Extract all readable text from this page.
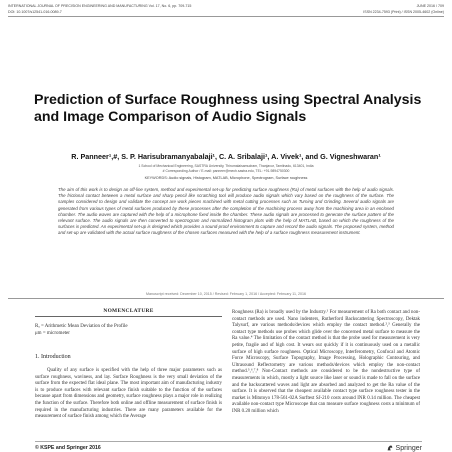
INTERNATIONAL JOURNAL OF PRECISION ENGINEERING AND MANUFACTURING Vol. 17, No. 6, pp. 709-715	JUNE 2016 / 709
DOI: 10.1007/s12541-016-0089-7	ISSN 2234-7593 (Print) / ISSN 2005-4602 (Online)
Prediction of Surface Roughness using Spectral Analysis and Image Comparison of Audio Signals
R. Panneer¹,#, S. P. Harisubramanyabalaji¹, C. A. Sribalaji¹, A. Vivek¹, and G. Vigneshwaran¹
1 School of Mechanical Engineering, SASTRA University, Thirumalaisamudram, Thanjavur, Tamilnadu, 613401, India
# Corresponding Author / E-mail: panneer@mech.sastra.edu, TEL: +91-9894750300
KEYWORDS: Audio signals, Histogram, MATLAB, Microphone, Spectrogram, Surface roughness

The aim of this work is to design an off-line system, method and experimental set-up for predicting surface roughness (Ra) of metal surfaces with the help of audio signals. The frictional contact between a metal surface and sharp pencil like scratching tool will produce audio signals which vary based on the roughness of the surface. The samples considered to design and validate the concept are work pieces machined with metal cutting processes such as Turning and Grinding. Several audio signals are generated from various types of metal surfaces produced by these processes after the completion of the machining process away from the machining area in an enclosed chamber. The audio waves are captured with the help of a microphone fixed inside the chamber. These audio signals are processed to generate the surface pattern of the relevant surface. The audio signals are then converted to spectrogram and normalized histogram plots with the help of MATLAB, based on which the roughness of the surfaces is predicted. An experimental set-up is designed which provides a sound-proof environment to capture and record the audio signals. The proposed system, method and set-up are validated with the actual surface roughness of the chosen surfaces measured with the help of a surface roughness measurement instrument.

Manuscript received: December 10, 2015 / Revised: February 1, 2016 / Accepted: February 11, 2016
NOMENCLATURE
Rₐ = Arithmetic Mean Deviation of the Profile
μm = micrometer
1. Introduction

Quality of any surface is specified with the help of three major parameters such as surface roughness, waviness, and lay. Surface Roughness is the very small deviation of the surface from the expected flat ideal plane. The most important aim of manufacturing industry is to produce surfaces with relevant surface finish suitable to the function of the surfaces because apart from dimensions and geometry, surface roughness plays a major role in realizing the function of the surface. Therefore both online and offline measurement of surface finish is required in the manufacturing industries. There are many parameters available for the measurement of surface finish among which the Average

Roughness (Ra) is broadly used by the Industry.¹ For measurement of Ra both contact and non-contact methods are used. Nano indenters, Rutherford Backscattering Spectroscopy, Dektak Talysurf, are various methods/devices which employ the contact method.²,³ Generally the contact type methods use probes which glide over the concerned metal surface to measure the Ra value.⁴ The limitation of the contact method is that the probe used for measurement is very petite, fragile and of high cost. It wears out quickly if it is continuously used on a metallic surface of high surface roughness. Optical Microscopy, Interferometry, Confocal and Atomic Force Microscopy, Surface Topography, Image Processing, Holographic Contouring, and Ultrasound Reflectometry are various methods/devices which employ the non-contact method.⁵,⁶,⁷,⁸ Non-Contact methods are considered to be the nondestructive type of measurements in which, mostly a light source like laser or sound is made to fall on the surface and the backscattered waves and light are absorbed and analyzed to get the Ra value of the surface. It is observed that the cheapest available contact type surface roughness tester in the market is Mitutoyo 178-561-02A Surftest SJ-210 costs around INR 0.14 million. The cheapest available non-contact type Microscope that can measure surface roughness costs a minimum of INR 0.20 million which

© KSPE and Springer 2016	Springer
